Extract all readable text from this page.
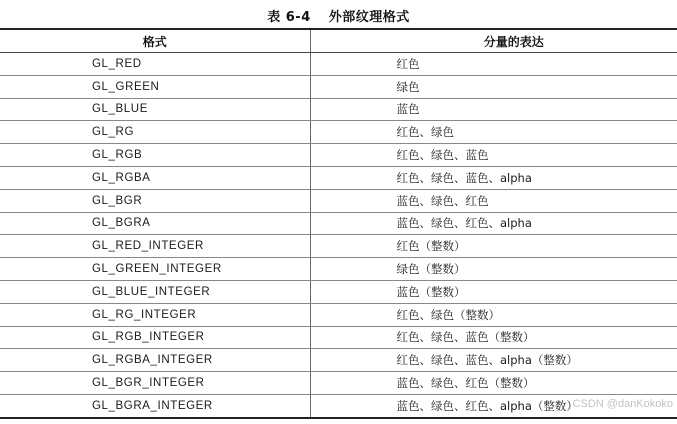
表 6-4 外部纹理格式
格式	分量的表达
GL_RED	红色
GL_GREEN	绿色
GL_BLUE	蓝色
GL_RG	红色、绿色
GL_RGB	红色、绿色、蓝色
GL_RGBA	红色、绿色、蓝色、alpha
GL_BGR	蓝色、绿色、红色
GL_BGRA	蓝色、绿色、红色、alpha
GL_RED_INTEGER	红色（整数）
GL_GREEN_INTEGER	绿色（整数）
GL_BLUE_INTEGER	蓝色（整数）
GL_RG_INTEGER	红色、绿色（整数）
GL_RGB_INTEGER	红色、绿色、蓝色（整数）
GL_RGBA_INTEGER	红色、绿色、蓝色、alpha（整数）
GL_BGR_INTEGER	蓝色、绿色、红色（整数）
GL_BGRA_INTEGER	蓝色、绿色、红色、alpha（整数）
CSDN @danKokoko
